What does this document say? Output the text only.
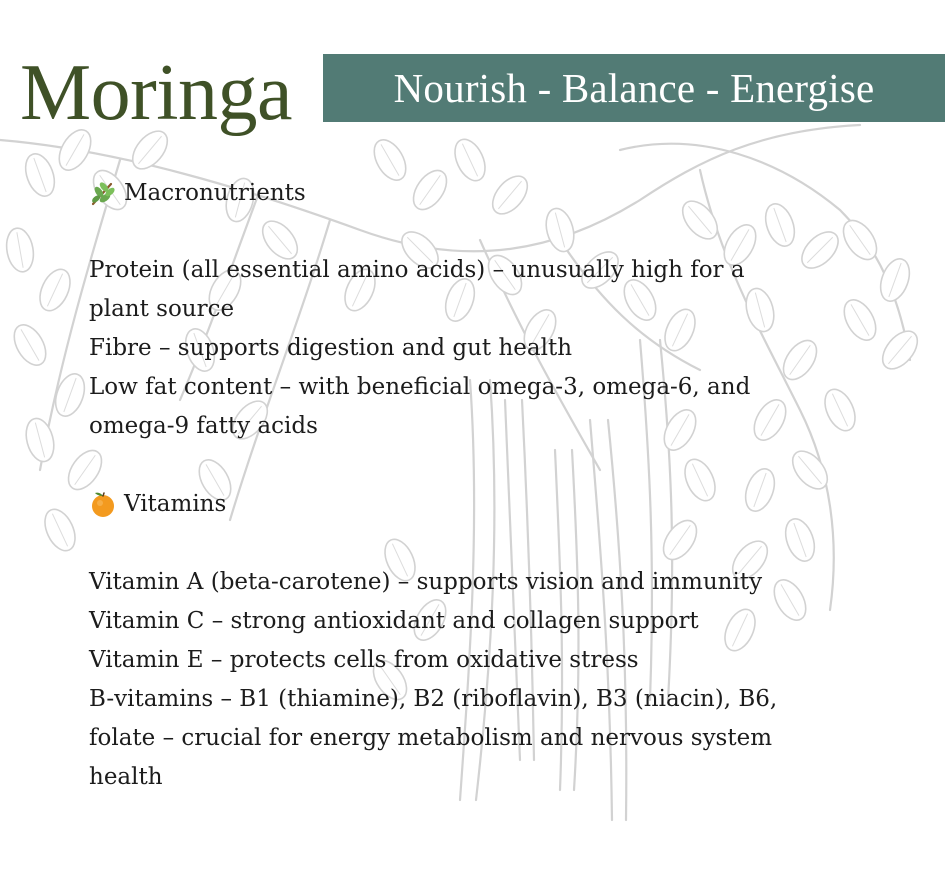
Moringa Nourish - Balance - Energise
Macronutrients

Protein (all essential amino acids) – unusually high for a
plant source
Fibre – supports digestion and gut health
Low fat content – with beneficial omega-3, omega-6, and
omega-9 fatty acids

Vitamins

Vitamin A (beta-carotene) – supports vision and immunity
Vitamin C – strong antioxidant and collagen support
Vitamin E – protects cells from oxidative stress
B-vitamins – B1 (thiamine), B2 (riboflavin), B3 (niacin), B6,
folate – crucial for energy metabolism and nervous system
health
